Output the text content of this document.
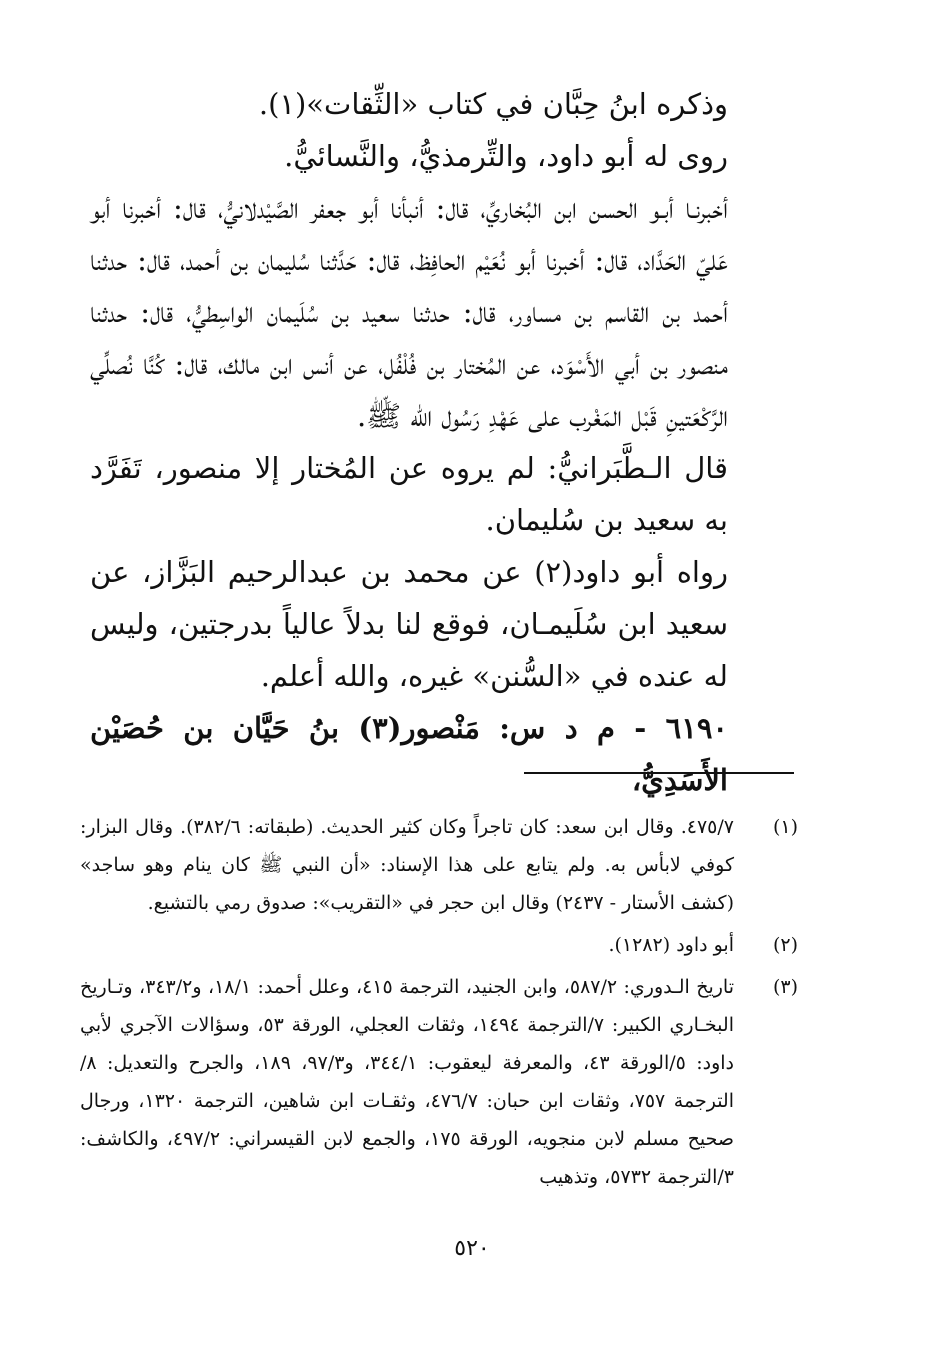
وذكره ابنُ حِبَّان في كتاب «الثِّقات»(١).

روى له أبو داود، والتِّرمذيُّ، والنَّسائيُّ.

أخبرنـا أبـو الحسن ابن البُخاريِّ، قال: أنبأنا أبو جعفر الصَّيْدلانيُّ، قال: أخبرنا أبو عَليّ الحَدَّاد، قال: أخبرنا أبو نُعَيْم الحافِظ، قال: حَدَّثنا سُليمان بن أحمد، قال: حدثنا أحمد بن القاسم بن مساور، قال: حدثنا سعيد بن سُلَيمان الواسِطيُّ، قال: حدثنا منصور بن أبي الأَسْوَد، عن المُختار بن فُلْفُل، عن أنس ابن مالك، قال: كُنَّا نُصلِّي الرَّكْعَتينِ قَبْل المَغْرب على عَهْدِ رَسُول الله ﷺ.

قال الـطَّبَرانيُّ: لم يروه عن المُختار إلا منصور، تَفَرَّد به سعيد بن سُليمان.

رواه أبو داود(٢) عن محمد بن عبدالرحيم البَزَّاز، عن سعيد ابن سُلَيمـان، فوقع لنا بدلاً عالياً بدرجتين، وليس له عنده في «السُّنن» غيره، والله أعلم.

٦١٩٠ - م د س: مَنْصور(٣) بنُ حَيَّان بن حُصَيْن الأَسَدِيُّ،

(١)
٤٧٥/٧. وقال ابن سعد: كان تاجراً وكان كثير الحديث. (طبقاته: ٣٨٢/٦). وقال البزار: كوفي لابأس به. ولم يتابع على هذا الإسناد: «أن النبي ﷺ كان ينام وهو ساجد» (كشف الأستار - ٢٤٣٧) وقال ابن حجر في «التقريب»: صدوق رمي بالتشيع.
(٢)
أبو داود (١٢٨٢).
(٣)
تاريخ الـدوري: ٥٨٧/٢، وابن الجنيد، الترجمة ٤١٥، وعلل أحمد: ١٨/١، و٣٤٣/٢، وتـاريخ البخـاري الكبير: ٧/الترجمة ١٤٩٤، وثقات العجلي، الورقة ٥٣، وسؤالات الآجري لأبي داود: ٥/الورقة ٤٣، والمعرفة ليعقوب: ٣٤٤/١، و٩٧/٣، ١٨٩، والجرح والتعديل: ٨/الترجمة ٧٥٧، وثقات ابن حبان: ٤٧٦/٧، وثقـات ابن شاهين، الترجمة ١٣٢٠، ورجال صحيح مسلم لابن منجويه، الورقة ١٧٥، والجمع لابن القيسراني: ٤٩٧/٢، والكاشف: ٣/الترجمة ٥٧٣٢، وتذهيب
٥٢٠
